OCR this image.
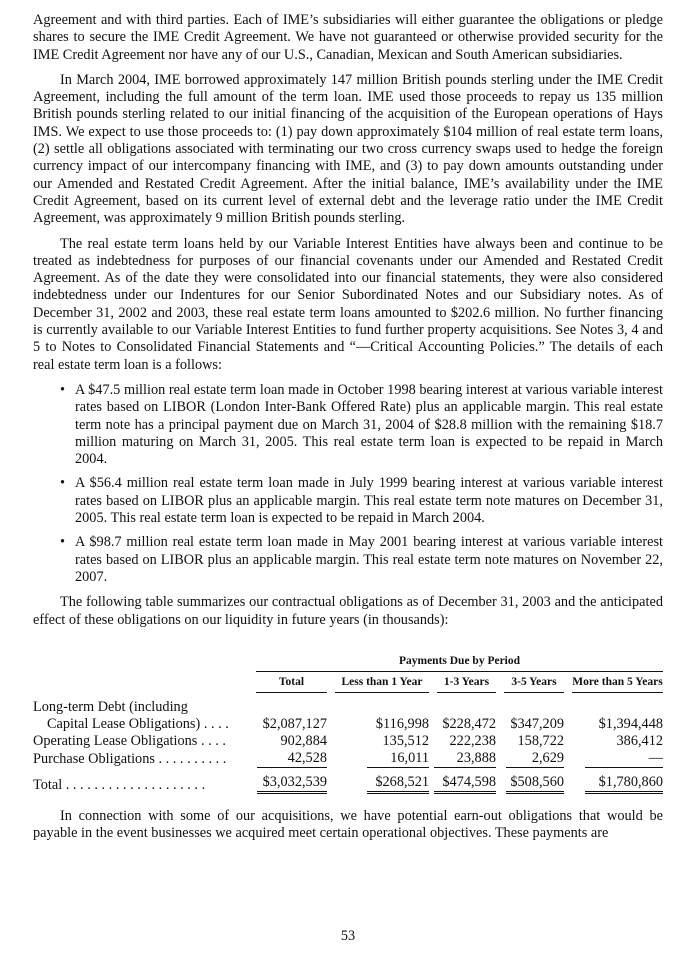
Agreement and with third parties. Each of IME’s subsidiaries will either guarantee the obligations or pledge shares to secure the IME Credit Agreement. We have not guaranteed or otherwise provided security for the IME Credit Agreement nor have any of our U.S., Canadian, Mexican and South American subsidiaries.

In March 2004, IME borrowed approximately 147 million British pounds sterling under the IME Credit Agreement, including the full amount of the term loan. IME used those proceeds to repay us 135 million British pounds sterling related to our initial financing of the acquisition of the European operations of Hays IMS. We expect to use those proceeds to: (1) pay down approximately $104 million of real estate term loans, (2) settle all obligations associated with terminating our two cross currency swaps used to hedge the foreign currency impact of our intercompany financing with IME, and (3) to pay down amounts outstanding under our Amended and Restated Credit Agreement. After the initial balance, IME’s availability under the IME Credit Agreement, based on its current level of external debt and the leverage ratio under the IME Credit Agreement, was approximately 9 million British pounds sterling.

The real estate term loans held by our Variable Interest Entities have always been and continue to be treated as indebtedness for purposes of our financial covenants under our Amended and Restated Credit Agreement. As of the date they were consolidated into our financial statements, they were also considered indebtedness under our Indentures for our Senior Subordinated Notes and our Subsidiary notes. As of December 31, 2002 and 2003, these real estate term loans amounted to $202.6 million. No further financing is currently available to our Variable Interest Entities to fund further property acquisitions. See Notes 3, 4 and 5 to Notes to Consolidated Financial Statements and “—Critical Accounting Policies.” The details of each real estate term loan is a follows:

• A $47.5 million real estate term loan made in October 1998 bearing interest at various variable interest rates based on LIBOR (London Inter-Bank Offered Rate) plus an applicable margin. This real estate term note has a principal payment due on March 31, 2004 of $28.8 million with the remaining $18.7 million maturing on March 31, 2005. This real estate term loan is expected to be repaid in March 2004.
• A $56.4 million real estate term loan made in July 1999 bearing interest at various variable interest rates based on LIBOR plus an applicable margin. This real estate term note matures on December 31, 2005. This real estate term loan is expected to be repaid in March 2004.
• A $98.7 million real estate term loan made in May 2001 bearing interest at various variable interest rates based on LIBOR plus an applicable margin. This real estate term note matures on November 22, 2007.

The following table summarizes our contractual obligations as of December 31, 2003 and the anticipated effect of these obligations on our liquidity in future years (in thousands):

	Payments Due by Period				

	Total	Less than 1 Year	1-3 Years	3-5 Years	More than 5 Years

Long-term Debt (including					
Capital Lease Obligations) . . . .	$2,087,127	$116,998	$228,472	$347,209	$1,394,448
Operating Lease Obligations . . . .	902,884	135,512	222,238	158,722	386,412
Purchase Obligations . . . . . . . . . .	42,528	16,011	23,888	2,629	—

Total . . . . . . . . . . . . . . . . . . . .	$3,032,539	$268,521	$474,598	$508,560	$1,780,860

In connection with some of our acquisitions, we have potential earn-out obligations that would be payable in the event businesses we acquired meet certain operational objectives. These payments are

53
